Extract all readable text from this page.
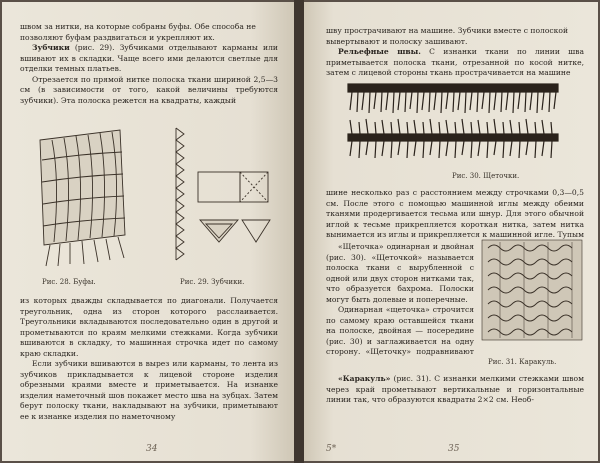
швом за нитки, на которые собраны буфы. Обе способа не

позволяют буфам раздвигаться и укрепляют их.

Зубчики (рис. 29). Зубчиками отделывают карманы или вшивают их в складки. Чаще всего ими делаются светлые для отделки темных платьев.

Отрезается по прямой нитке полоска ткани шириной 2,5—3 см (в зависимости от того, какой величины требуются зубчики). Эта полоска режется на квадраты, каждый

Рис. 28. Буфы.	Рис. 29. Зубчики.

из которых дважды складывается по диагонали. Получается треугольник, одна из сторон которого расслаивается. Треугольники вкладываются последовательно один в другой и прометываются по краям мелкими стежками. Когда зубчики вшиваются в складку, то машинная строчка идет по самому краю складки.

Если зубчики вшиваются в вырез или карманы, то лента из зубчиков прикладывается к лицевой стороне изделия обрезными краями вместе и приметывается. На изнанке изделия наметочный шов покажет место шва на зубцах. Затем берут полоску ткани, накладывают на зубчики, приметывают ее к изнанке изделия по наметочному

34

шву прострачивают на машине. Зубчики вместе с полоской

вывертывают и полоску зашивают.

Рельефные швы. С изнанки ткани по линии шва приметывается полоска ткани, отрезанной по косой нитке, затем с лицевой стороны ткань прострачивается на машине

Рис. 30. Щеточки.

шине несколько раз с расстоянием между строчками 0,3—0,5 см. После этого с помощью машинной иглы между обеими тканями продергивается тесьма или шнур. Для этого обычной иглой к тесьме прикрепляется короткая нитка, затем нитка вынимается из иглы и прикрепляется к машинной игле. Тупым

«Щеточка» одинарная и двойная (рис. 30). «Щеточкой» называется полоска ткани с вырубленной с одной или двух сторон нитками так, что образуется бахрома. Полоски могут быть долевые и поперечные.

Одинарная «щеточка» строчится по самому краю оставшейся ткани на полоске, двойная — посередине (рис. 30) и заглаживается на одну сторону. «Щеточку» подравнивают

Рис. 31. Каракуль.

«Каракуль» (рис. 31). С изнанки мелкими стежками швом через край прометывают вертикальные и горизонтальные линии так, что образуются квадраты 2×2 см. Необ-

5*	35
